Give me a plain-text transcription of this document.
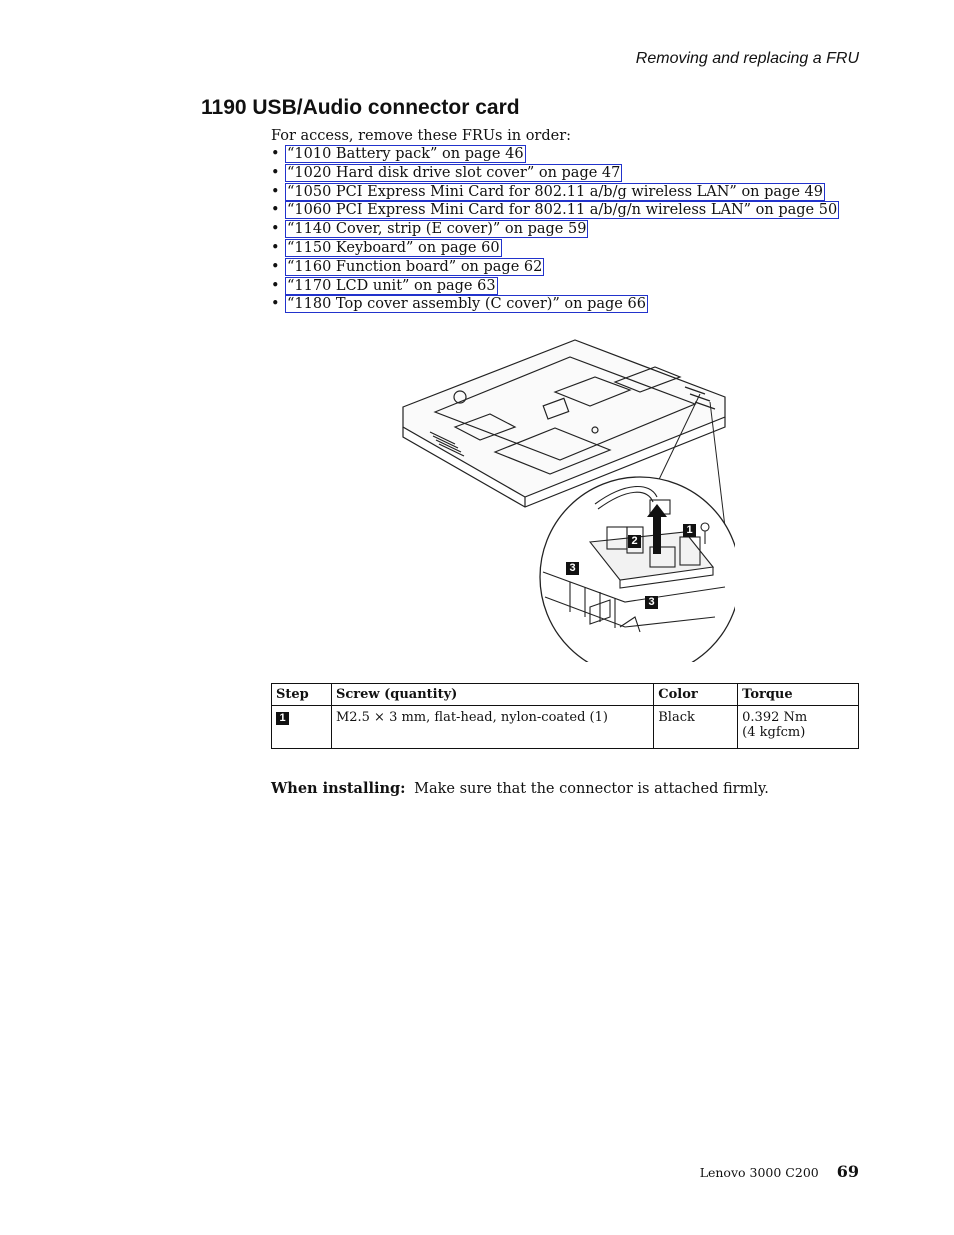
Removing and replacing a FRU
1190 USB/Audio connector card
For access, remove these FRUs in order:
• “1010 Battery pack” on page 46
• “1020 Hard disk drive slot cover” on page 47
• “1050 PCI Express Mini Card for 802.11 a/b/g wireless LAN” on page 49
• “1060 PCI Express Mini Card for 802.11 a/b/g/n wireless LAN” on page 50
• “1140 Cover, strip (E cover)” on page 59
• “1150 Keyboard” on page 60
• “1160 Function board” on page 62
• “1170 LCD unit” on page 63
• “1180 Top cover assembly (C cover)” on page 66
1
2
3
3
Step	Screw (quantity)	Color	Torque
1	M2.5 × 3 mm, flat-head, nylon-coated (1)	Black	0.392 Nm
(4 kgfcm)
When installing: Make sure that the connector is attached firmly.
Lenovo 3000 C200 69
